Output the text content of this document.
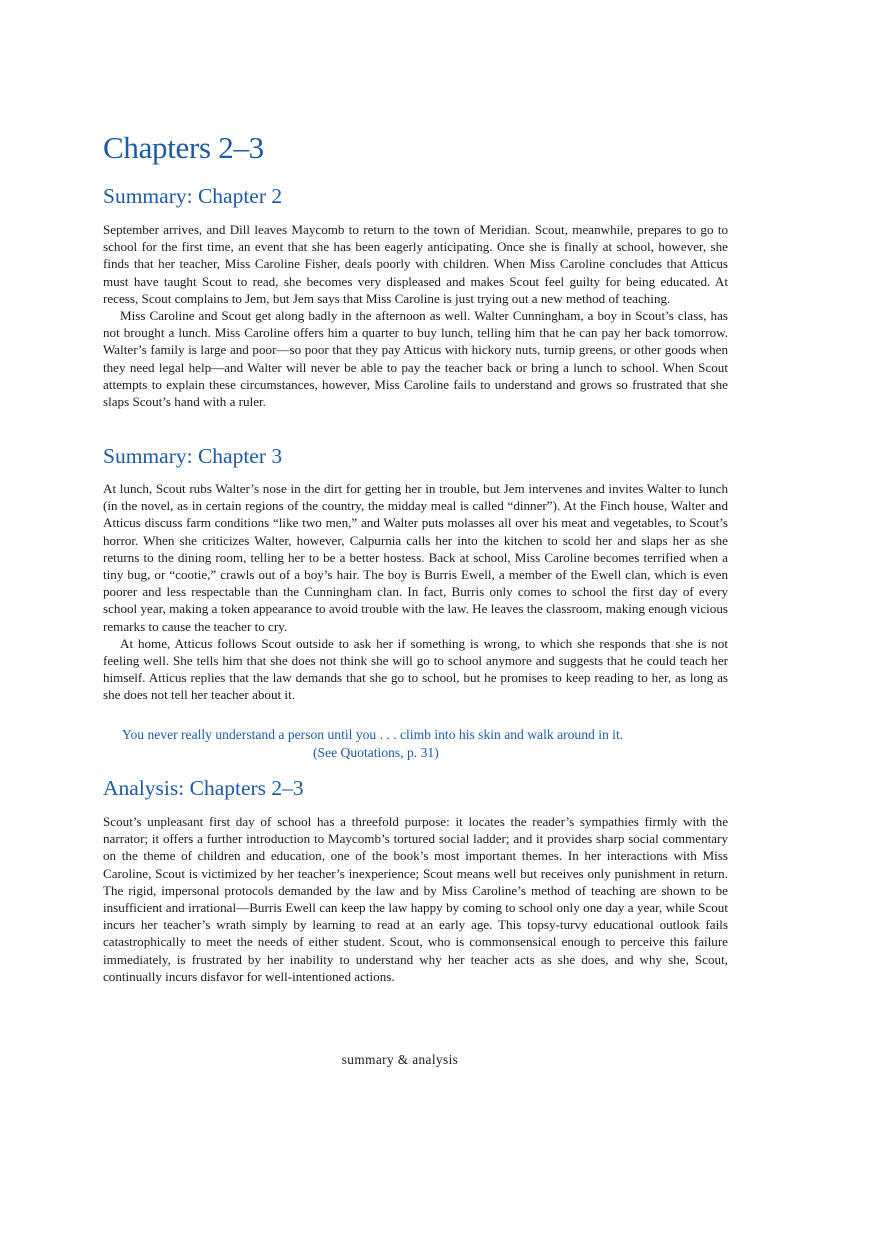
Chapters 2–3
Summary: Chapter 2

September arrives, and Dill leaves Maycomb to return to the town of Meridian. Scout, meanwhile, prepares to go to school for the first time, an event that she has been eagerly anticipating. Once she is finally at school, however, she finds that her teacher, Miss Caroline Fisher, deals poorly with children. When Miss Caroline concludes that Atticus must have taught Scout to read, she becomes very displeased and makes Scout feel guilty for being educated. At recess, Scout complains to Jem, but Jem says that Miss Caroline is just trying out a new method of teaching.

Miss Caroline and Scout get along badly in the afternoon as well. Walter Cunningham, a boy in Scout’s class, has not brought a lunch. Miss Caroline offers him a quarter to buy lunch, telling him that he can pay her back tomorrow. Walter’s family is large and poor—so poor that they pay Atticus with hickory nuts, turnip greens, or other goods when they need legal help—and Walter will never be able to pay the teacher back or bring a lunch to school. When Scout attempts to explain these circumstances, however, Miss Caroline fails to understand and grows so frustrated that she slaps Scout’s hand with a ruler.

Summary: Chapter 3

At lunch, Scout rubs Walter’s nose in the dirt for getting her in trouble, but Jem intervenes and invites Walter to lunch (in the novel, as in certain regions of the country, the midday meal is called “dinner”). At the Finch house, Walter and Atticus discuss farm conditions “like two men,” and Walter puts molasses all over his meat and vegetables, to Scout’s horror. When she criticizes Walter, however, Calpurnia calls her into the kitchen to scold her and slaps her as she returns to the dining room, telling her to be a better hostess. Back at school, Miss Caroline becomes terrified when a tiny bug, or “cootie,” crawls out of a boy’s hair. The boy is Burris Ewell, a member of the Ewell clan, which is even poorer and less respectable than the Cunningham clan. In fact, Burris only comes to school the first day of every school year, making a token appearance to avoid trouble with the law. He leaves the classroom, making enough vicious remarks to cause the teacher to cry.

At home, Atticus follows Scout outside to ask her if something is wrong, to which she responds that she is not feeling well. She tells him that she does not think she will go to school anymore and suggests that he could teach her himself. Atticus replies that the law demands that she go to school, but he promises to keep reading to her, as long as she does not tell her teacher about it.

You never really understand a person until you . . . climb into his skin and walk around in it.
(See Quotations, p. 31)
Analysis: Chapters 2–3

Scout’s unpleasant first day of school has a threefold purpose: it locates the reader’s sympathies firmly with the narrator; it offers a further introduction to Maycomb’s tortured social ladder; and it provides sharp social commentary on the theme of children and education, one of the book’s most important themes. In her interactions with Miss Caroline, Scout is victimized by her teacher’s inexperience; Scout means well but receives only punishment in return. The rigid, impersonal protocols demanded by the law and by Miss Caroline’s method of teaching are shown to be insufficient and irrational—Burris Ewell can keep the law happy by coming to school only one day a year, while Scout incurs her teacher’s wrath simply by learning to read at an early age. This topsy-turvy educational outlook fails catastrophically to meet the needs of either student. Scout, who is commonsensical enough to perceive this failure immediately, is frustrated by her inability to understand why her teacher acts as she does, and why she, Scout, continually incurs disfavor for well-intentioned actions.

summary & analysis
